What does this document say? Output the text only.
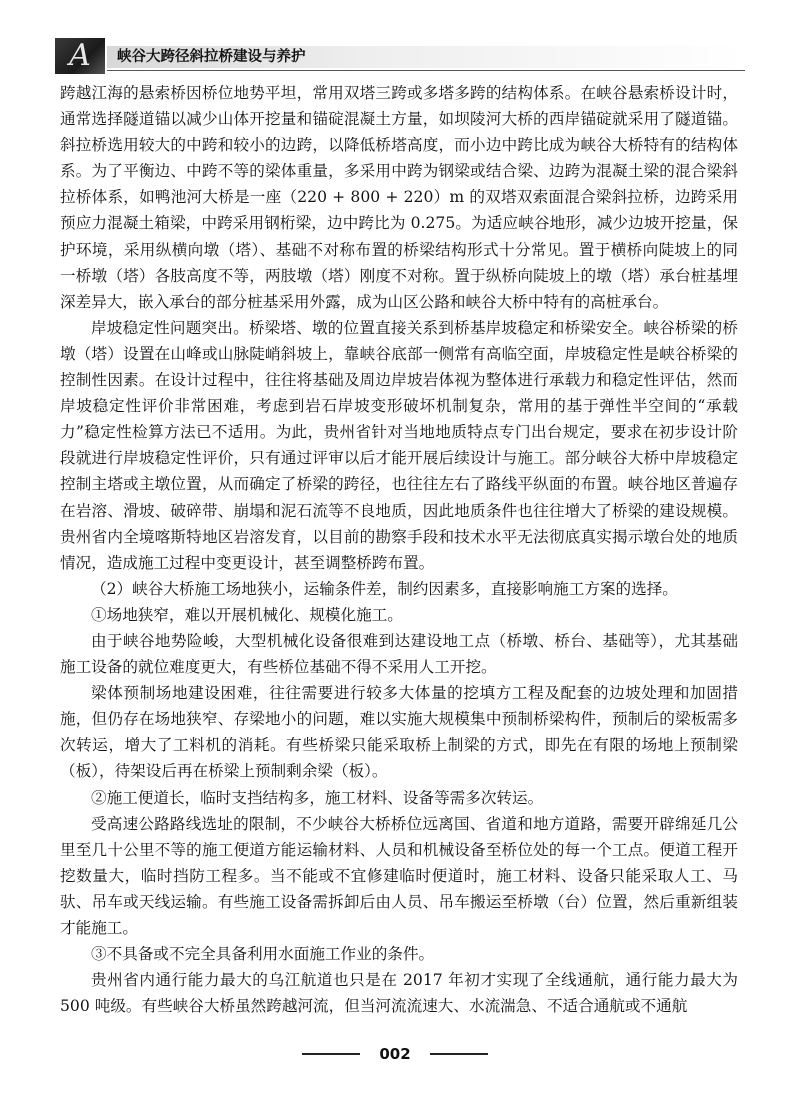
A	峡谷大跨径斜拉桥建设与养护

跨越江海的悬索桥因桥位地势平坦，常用双塔三跨或多塔多跨的结构体系。在峡谷悬索桥设计时，通常选择隧道锚以减少山体开挖量和锚碇混凝土方量，如坝陵河大桥的西岸锚碇就采用了隧道锚。斜拉桥选用较大的中跨和较小的边跨，以降低桥塔高度，而小边中跨比成为峡谷大桥特有的结构体系。为了平衡边、中跨不等的梁体重量，多采用中跨为钢梁或结合梁、边跨为混凝土梁的混合梁斜拉桥体系，如鸭池河大桥是一座（220 + 800 + 220）m 的双塔双索面混合梁斜拉桥，边跨采用预应力混凝土箱梁，中跨采用钢桁梁，边中跨比为 0.275。为适应峡谷地形，减少边坡开挖量，保护环境，采用纵横向墩（塔）、基础不对称布置的桥梁结构形式十分常见。置于横桥向陡坡上的同一桥墩（塔）各肢高度不等，两肢墩（塔）刚度不对称。置于纵桥向陡坡上的墩（塔）承台桩基埋深差异大，嵌入承台的部分桩基采用外露，成为山区公路和峡谷大桥中特有的高桩承台。

岸坡稳定性问题突出。桥梁塔、墩的位置直接关系到桥基岸坡稳定和桥梁安全。峡谷桥梁的桥墩（塔）设置在山峰或山脉陡峭斜坡上，靠峡谷底部一侧常有高临空面，岸坡稳定性是峡谷桥梁的控制性因素。在设计过程中，往往将基础及周边岸坡岩体视为整体进行承载力和稳定性评估，然而岸坡稳定性评价非常困难，考虑到岩石岸坡变形破坏机制复杂，常用的基于弹性半空间的“承载力”稳定性检算方法已不适用。为此，贵州省针对当地地质特点专门出台规定，要求在初步设计阶段就进行岸坡稳定性评价，只有通过评审以后才能开展后续设计与施工。部分峡谷大桥中岸坡稳定控制主塔或主墩位置，从而确定了桥梁的跨径，也往往左右了路线平纵面的布置。峡谷地区普遍存在岩溶、滑坡、破碎带、崩塌和泥石流等不良地质，因此地质条件也往往增大了桥梁的建设规模。贵州省内全境喀斯特地区岩溶发育，以目前的勘察手段和技术水平无法彻底真实揭示墩台处的地质情况，造成施工过程中变更设计，甚至调整桥跨布置。

（2）峡谷大桥施工场地狭小，运输条件差，制约因素多，直接影响施工方案的选择。

①场地狭窄，难以开展机械化、规模化施工。

由于峡谷地势险峻，大型机械化设备很难到达建设地工点（桥墩、桥台、基础等），尤其基础施工设备的就位难度更大，有些桥位基础不得不采用人工开挖。

梁体预制场地建设困难，往往需要进行较多大体量的挖填方工程及配套的边坡处理和加固措施，但仍存在场地狭窄、存梁地小的问题，难以实施大规模集中预制桥梁构件，预制后的梁板需多次转运，增大了工料机的消耗。有些桥梁只能采取桥上制梁的方式，即先在有限的场地上预制梁（板），待架设后再在桥梁上预制剩余梁（板）。

②施工便道长，临时支挡结构多，施工材料、设备等需多次转运。

受高速公路路线选址的限制，不少峡谷大桥桥位远离国、省道和地方道路，需要开辟绵延几公里至几十公里不等的施工便道方能运输材料、人员和机械设备至桥位处的每一个工点。便道工程开挖数量大，临时挡防工程多。当不能或不宜修建临时便道时，施工材料、设备只能采取人工、马驮、吊车或天线运输。有些施工设备需拆卸后由人员、吊车搬运至桥墩（台）位置，然后重新组装才能施工。

③不具备或不完全具备利用水面施工作业的条件。

贵州省内通行能力最大的乌江航道也只是在 2017 年初才实现了全线通航，通行能力最大为 500 吨级。有些峡谷大桥虽然跨越河流，但当河流流速大、水流湍急、不适合通航或不通航

002
